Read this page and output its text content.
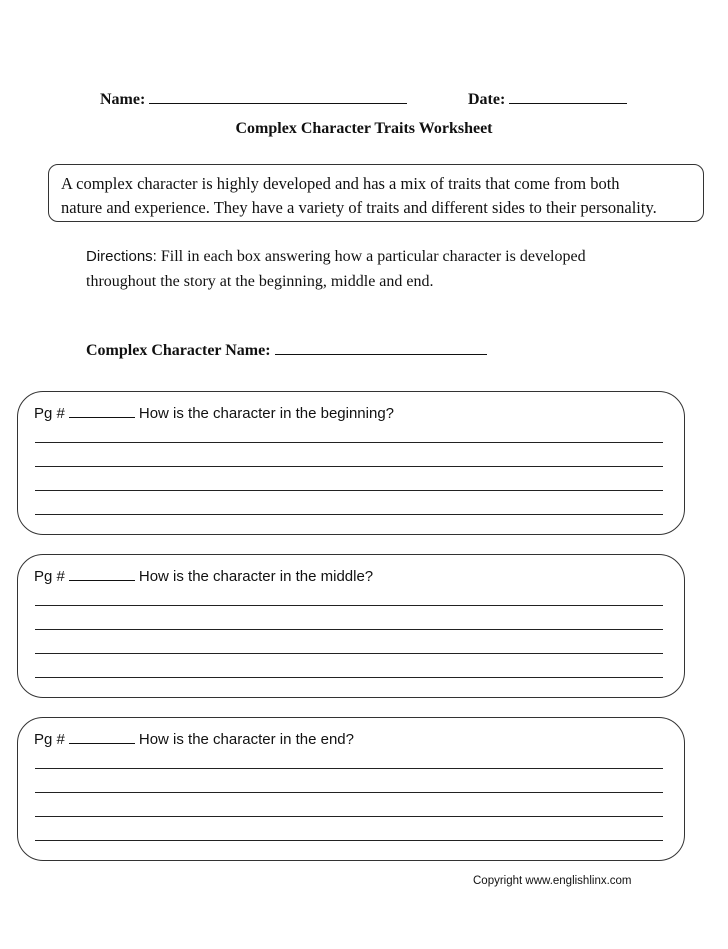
Name:	Date:
Complex Character Traits Worksheet
A complex character is highly developed and has a mix of traits that come from both
nature and experience. They have a variety of traits and different sides to their personality.
Directions: Fill in each box answering how a particular character is developed
throughout the story at the beginning, middle and end.
Complex Character Name:
Pg #	How is the character in the beginning?
Pg #	How is the character in the middle?
Pg #	How is the character in the end?
Copyright www.englishlinx.com
